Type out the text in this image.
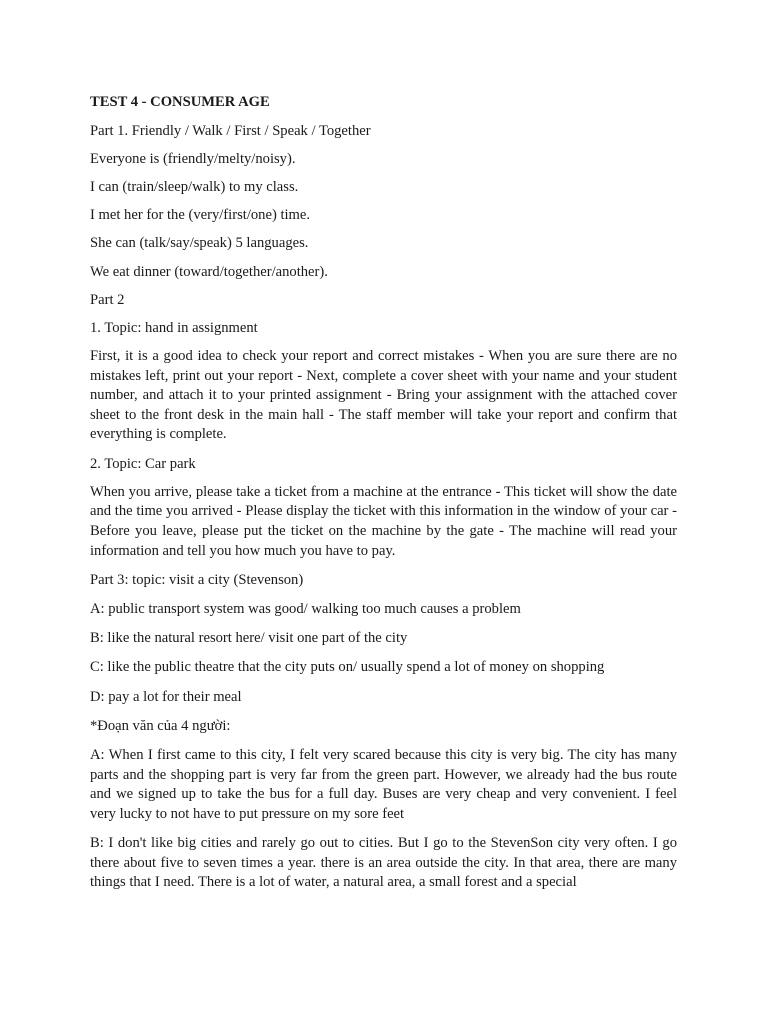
TEST 4 - CONSUMER AGE

Part 1. Friendly / Walk / First / Speak / Together

Everyone is (friendly/melty/noisy).

I can (train/sleep/walk) to my class.

I met her for the (very/first/one) time.

She can (talk/say/speak) 5 languages.

We eat dinner (toward/together/another).

Part 2

1. Topic: hand in assignment

First, it is a good idea to check your report and correct mistakes - When you are sure there are no mistakes left, print out your report - Next, complete a cover sheet with your name and your student number, and attach it to your printed assignment - Bring your assignment with the attached cover sheet to the front desk in the main hall - The staff member will take your report and confirm that everything is complete.

2. Topic: Car park

When you arrive, please take a ticket from a machine at the entrance - This ticket will show the date and the time you arrived - Please display the ticket with this information in the window of your car - Before you leave, please put the ticket on the machine by the gate - The machine will read your information and tell you how much you have to pay.

Part 3: topic: visit a city (Stevenson)

A: public transport system was good/ walking too much causes a problem

B: like the natural resort here/ visit one part of the city

C: like the public theatre that the city puts on/ usually spend a lot of money on shopping

D: pay a lot for their meal

*Đoạn văn của 4 người:

A: When I first came to this city, I felt very scared because this city is very big. The city has many parts and the shopping part is very far from the green part. However, we already had the bus route and we signed up to take the bus for a full day. Buses are very cheap and very convenient. I feel very lucky to not have to put pressure on my sore feet

B: I don't like big cities and rarely go out to cities. But I go to the StevenSon city very often. I go there about five to seven times a year. there is an area outside the city. In that area, there are many things that I need. There is a lot of water, a natural area, a small forest and a special
